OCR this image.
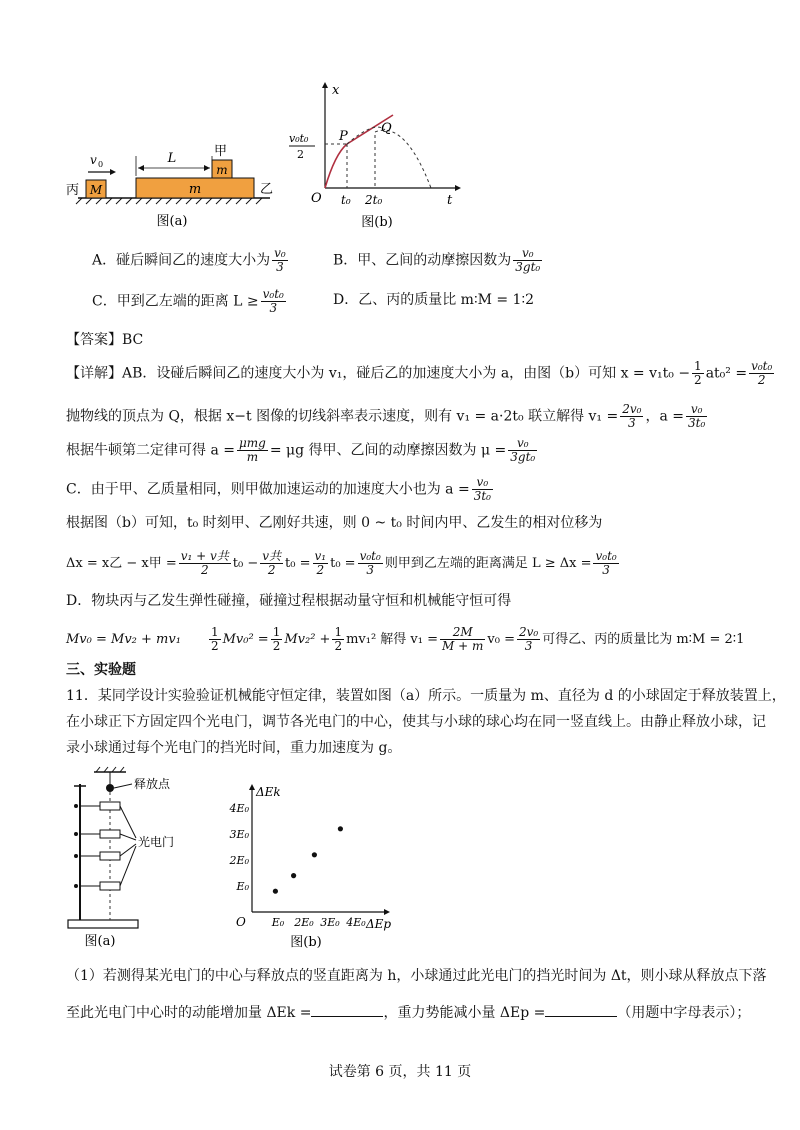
M
丙
v 0
m	乙
m
甲
L
图(a)
x
t
O
P
Q
v₀t₀
2
t₀ 2t₀
图(b)
A．碰后瞬间乙的速度大小为 $\frac{\text{v₀}}{3}$	B．甲、乙间的动摩擦因数为 $\frac{\text{v₀}}{\text{3gt₀}}$
C．甲到乙左端的距离 $L \ge \frac{\text{v₀t₀}}{3}$	D．乙、丙的质量比 m∶M = 1∶2
【答案】BC
【详解】AB．设碰后瞬间乙的速度大小为 v₁，碰后乙的加速度大小为 a，由图（b）可知 $x = v_1t_0 - \frac{1}{2} at_0^2 = \frac{\text{v₀t₀}}{2}$
抛物线的顶点为 Q，根据 x−t 图像的切线斜率表示速度，则有 v₁ = a·2t₀ 联立解得 $v_1 = \frac{\text{2v₀}}{3}$ ，$a = \frac{\text{v₀}}{\text{3t₀}}$
根据牛顿第二定律可得 $a = \frac{\text{μmg}}{m} = \mu g$ 得甲、乙间的动摩擦因数为 $\mu = \frac{\text{v₀}}{\text{3gt₀}}$
C．由于甲、乙质量相同，则甲做加速运动的加速度大小也为 $a = \frac{\text{v₀}}{\text{3t₀}}$
根据图（b）可知，t₀ 时刻甲、乙刚好共速，则 0 ~ t₀ 时间内甲、乙发生的相对位移为
Δx = x乙 − x甲 = $\frac{\text{v₁ + v共}}{2} t_0 - \frac{\text{v共}}{2} t_0 = \frac{\text{v₁}}{2} t_0 = \frac{\text{v₀t₀}}{3}$ 则甲到乙左端的距离满足 $L \ge \Delta x = \frac{\text{v₀t₀}}{3}$
D．物块丙与乙发生弹性碰撞，碰撞过程根据动量守恒和机械能守恒可得
$Mv_0 = Mv_2 + mv_1 \frac{1}{2} Mv_0^2 = \frac{1}{2} Mv_2^2 + \frac{1}{2} mv_1^2$ 解得 $v_1 = \frac{2M}{M + m} v_0 = \frac{\text{2v₀}}{3}$ 可得乙、丙的质量比为 m∶M = 2∶1
三、实验题
11．某同学设计实验验证机械能守恒定律，装置如图（a）所示。一质量为 m、直径为 d 的小球固定于释放装置上，
在小球正下方固定四个光电门，调节各光电门的中心，使其与小球的球心均在同一竖直线上。由静止释放小球，记
录小球通过每个光电门的挡光时间，重力加速度为 g。
释放点
光电门
图(a)
ΔEk
ΔEp
O
E₀
2E₀
3E₀
4E₀
E₀ 2E₀ 3E₀ 4E₀
图(b)
（1）若测得某光电门的中心与释放点的竖直距离为 h，小球通过此光电门的挡光时间为 Δt，则小球从释放点下落
至此光电门中心时的动能增加量 ΔEk =	，重力势能减小量 ΔEp =	（用题中字母表示）；
试卷第 6 页，共 11 页
